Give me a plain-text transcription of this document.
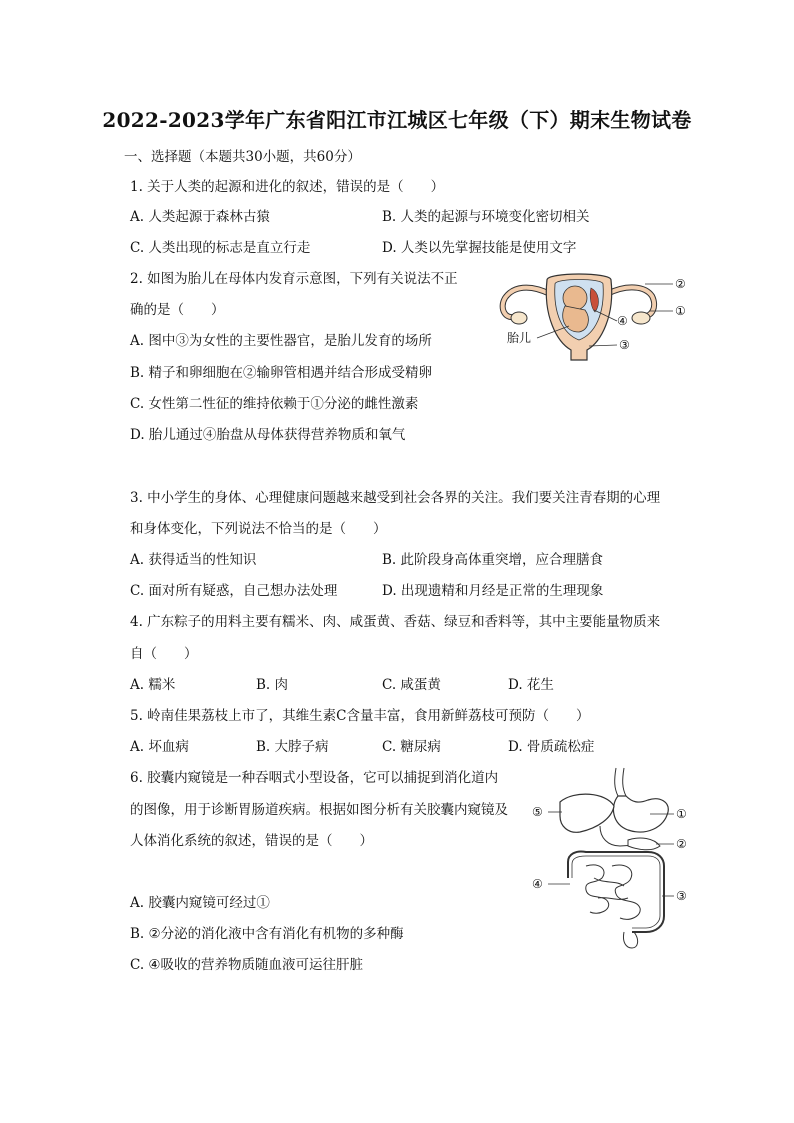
2022-2023学年广东省阳江市江城区七年级（下）期末生物试卷
一、选择题（本题共30小题，共60分）
1. 关于人类的起源和进化的叙述，错误的是（　　）
A. 人类起源于森林古猿	B. 人类的起源与环境变化密切相关
C. 人类出现的标志是直立行走	D. 人类以先掌握技能是使用文字
2. 如图为胎儿在母体内发育示意图，下列有关说法不正
确的是（　　）
A. 图中③为女性的主要性器官，是胎儿发育的场所
B. 精子和卵细胞在②输卵管相遇并结合形成受精卵
C. 女性第二性征的维持依赖于①分泌的雌性激素
D. 胎儿通过④胎盘从母体获得营养物质和氧气
②
①
④
胎儿	③
3. 中小学生的身体、心理健康问题越来越受到社会各界的关注。我们要关注青春期的心理
和身体变化，下列说法不恰当的是（　　）
A. 获得适当的性知识	B. 此阶段身高体重突增，应合理膳食
C. 面对所有疑惑，自己想办法处理	D. 出现遗精和月经是正常的生理现象
4. 广东粽子的用料主要有糯米、肉、咸蛋黄、香菇、绿豆和香料等，其中主要能量物质来
自（　　）
A. 糯米	B. 肉	C. 咸蛋黄	D. 花生
5. 岭南佳果荔枝上市了，其维生素C含量丰富，食用新鲜荔枝可预防（　　）
A. 坏血病	B. 大脖子病	C. 糖尿病	D. 骨质疏松症
6. 胶囊内窥镜是一种吞咽式小型设备，它可以捕捉到消化道内
的图像，用于诊断胃肠道疾病。根据如图分析有关胶囊内窥镜及
人体消化系统的叙述，错误的是（　　）
A. 胶囊内窥镜可经过①
B. ②分泌的消化液中含有消化有机物的多种酶
C. ④吸收的营养物质随血液可运往肝脏
⑤	①
②
④
③
